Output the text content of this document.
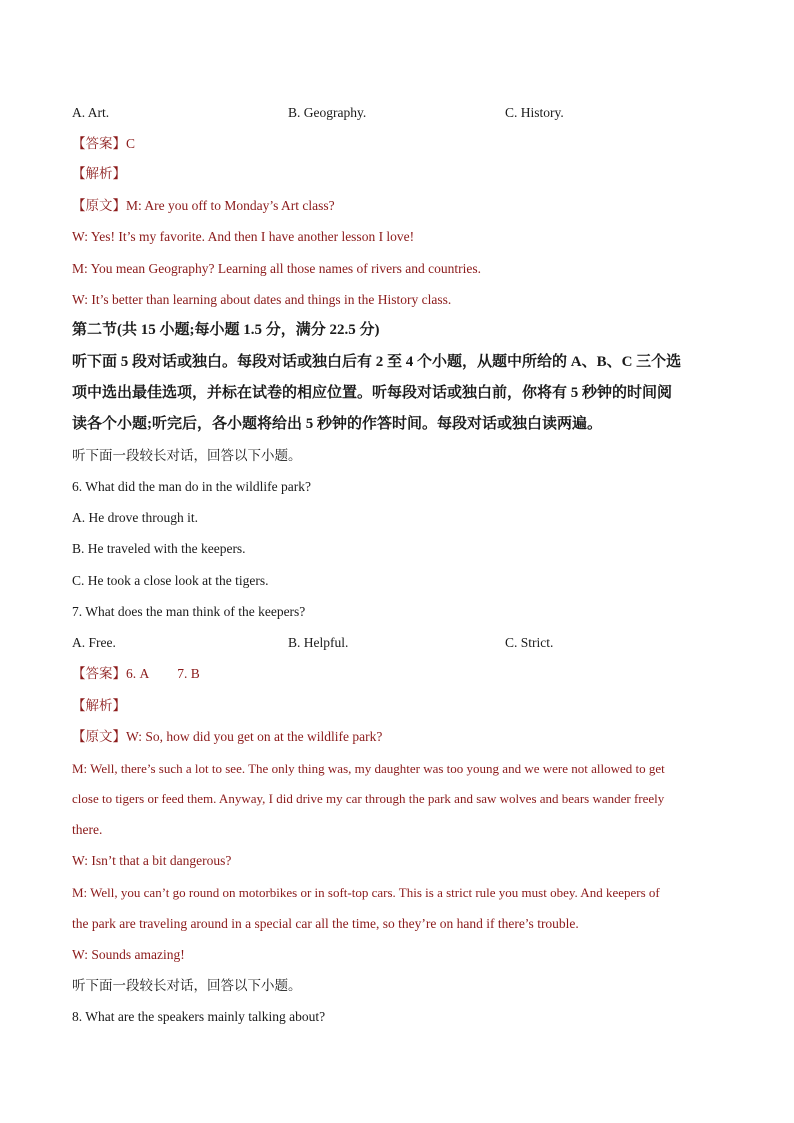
A. Art.	B. Geography.	C. History.
【答案】C
【解析】
【原文】M: Are you off to Monday’s Art class?
W: Yes! It’s my favorite. And then I have another lesson I love!
M: You mean Geography? Learning all those names of rivers and countries.
W: It’s better than learning about dates and things in the History class.
第二节(共 15 小题;每小题 1.5 分，满分 22.5 分)
听下面 5 段对话或独白。每段对话或独白后有 2 至 4 个小题，从题中所给的 A、B、C 三个选
项中选出最佳选项，并标在试卷的相应位置。听每段对话或独白前，你将有 5 秒钟的时间阅
读各个小题;听完后，各小题将给出 5 秒钟的作答时间。每段对话或独白读两遍。
听下面一段较长对话，回答以下小题。
6. What did the man do in the wildlife park?
A. He drove through it.
B. He traveled with the keepers.
C. He took a close look at the tigers.
7. What does the man think of the keepers?
A. Free.	B. Helpful.	C. Strict.
【答案】6. A 7. B
【解析】
【原文】W: So, how did you get on at the wildlife park?
M: Well, there’s such a lot to see. The only thing was, my daughter was too young and we were not allowed to get
close to tigers or feed them. Anyway, I did drive my car through the park and saw wolves and bears wander freely
there.
W: Isn’t that a bit dangerous?
M: Well, you can’t go round on motorbikes or in soft-top cars. This is a strict rule you must obey. And keepers of
the park are traveling around in a special car all the time, so they’re on hand if there’s trouble.
W: Sounds amazing!
听下面一段较长对话，回答以下小题。
8. What are the speakers mainly talking about?
